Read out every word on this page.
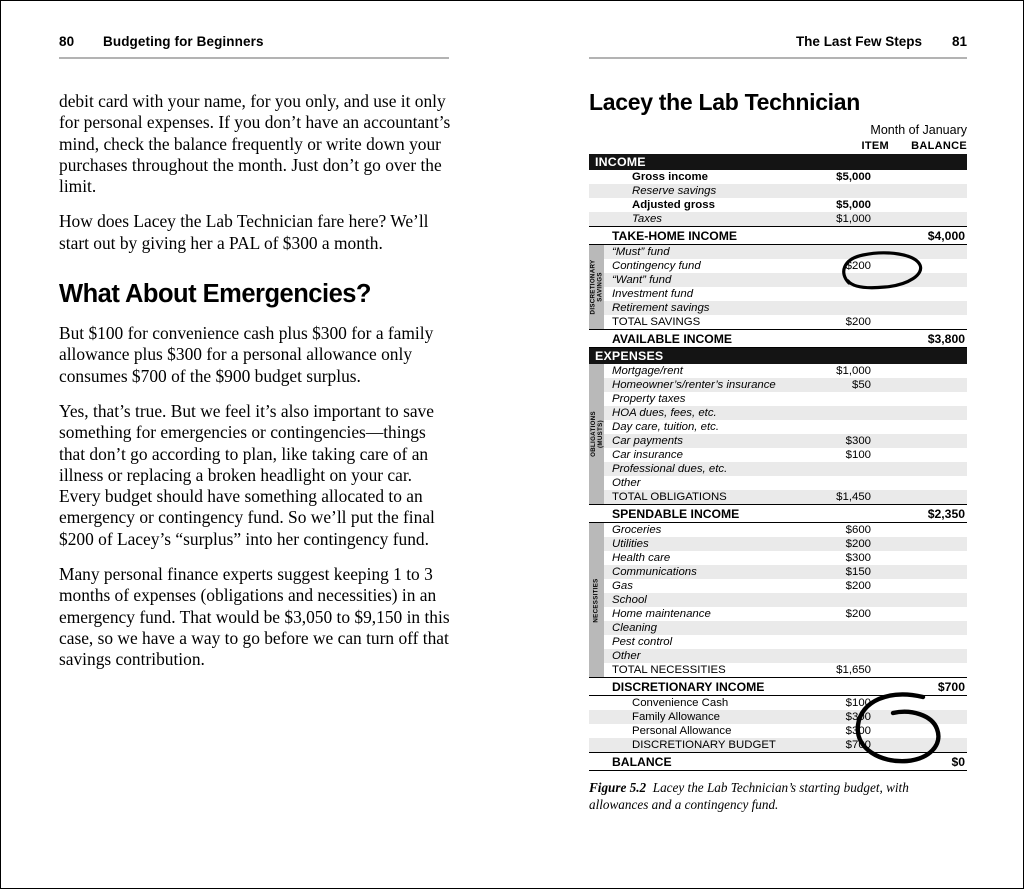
80	Budgeting for Beginners

debit card with your name, for you only, and use it only for personal expenses. If you don’t have an accountant’s mind, check the balance frequently or write down your purchases throughout the month. Just don’t go over the limit.

How does Lacey the Lab Technician fare here? We’ll start out by giving her a PAL of $300 a month.

What About Emergencies?

But $100 for convenience cash plus $300 for a family allowance plus $300 for a personal allowance only consumes $700 of the $900 budget surplus.

Yes, that’s true. But we feel it’s also important to save something for emergencies or contingencies—things that don’t go according to plan, like taking care of an illness or replacing a broken headlight on your car. Every budget should have something allocated to an emergency or contingency fund. So we’ll put the final $200 of Lacey’s “surplus” into her contingency fund.

Many personal finance experts suggest keeping 1 to 3 months of expenses (obligations and necessities) in an emergency fund. That would be $3,050 to $9,150 in this case, so we have a way to go before we can turn off that savings contribution.

The Last Few Steps 81
Lacey the Lab Technician
Month of January
ITEM	BALANCE
INCOME
Gross income	$5,000
Reserve savings
Adjusted gross	$5,000
Taxes	$1,000
TAKE-HOME INCOME	$4,000
“Must” fund
Contingency fund	$200
“Want” fund
Investment fund
Retirement savings
TOTAL SAVINGS	$200
DISCRETIONARY
SAVINGS
AVAILABLE INCOME	$3,800
EXPENSES
Mortgage/rent	$1,000
Homeowner’s/renter’s insurance	$50
Property taxes
HOA dues, fees, etc.
Day care, tuition, etc.
Car payments	$300
Car insurance	$100
Professional dues, etc.
Other
TOTAL OBLIGATIONS	$1,450
OBLIGATIONS
(MUSTS)
SPENDABLE INCOME	$2,350
Groceries	$600
Utilities	$200
Health care	$300
Communications	$150
Gas	$200
School
Home maintenance	$200
Cleaning
Pest control
Other
TOTAL NECESSITIES	$1,650
NECESSITIES
DISCRETIONARY INCOME	$700
Convenience Cash	$100
Family Allowance	$300
Personal Allowance	$300
DISCRETIONARY BUDGET	$700
BALANCE	$0
Figure 5.2 Lacey the Lab Technician’s starting budget, with allowances and a contingency fund.
